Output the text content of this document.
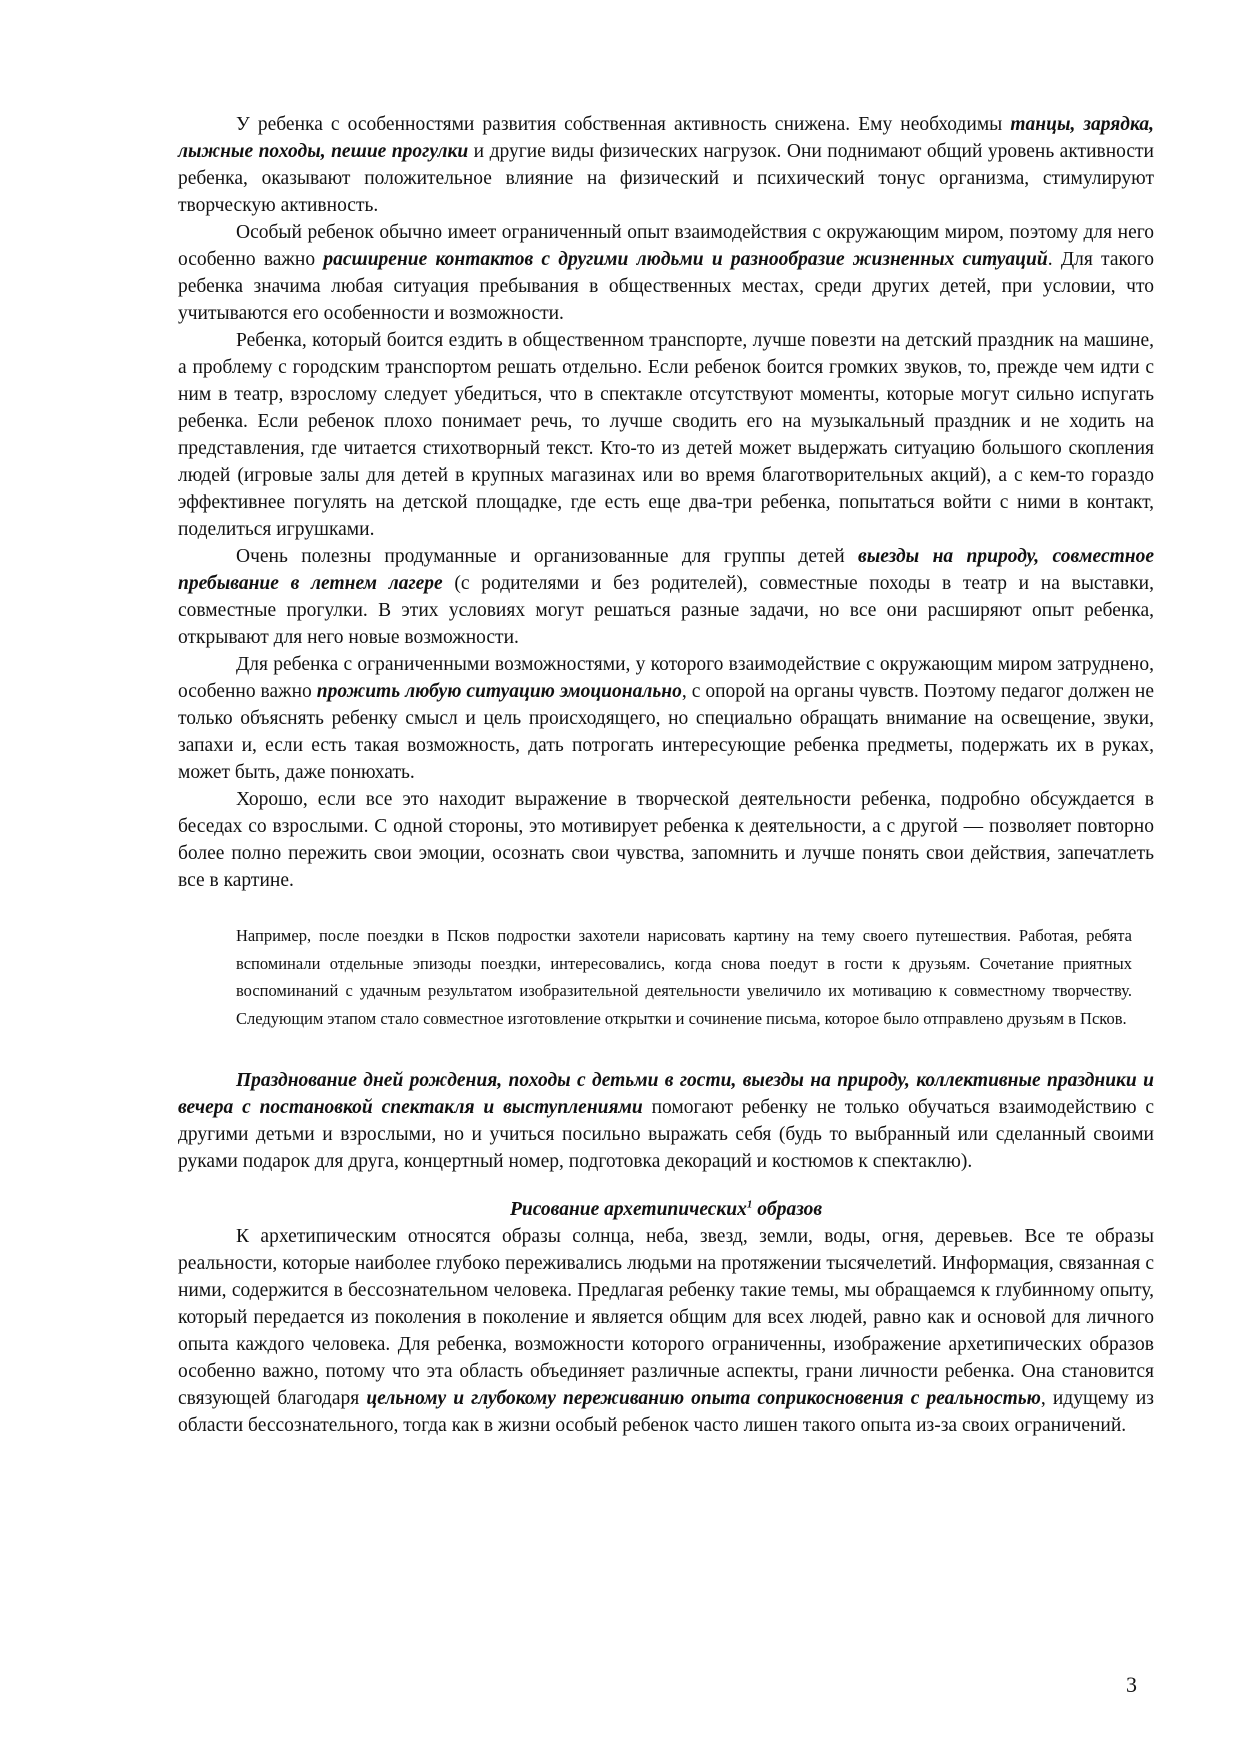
У ребенка с особенностями развития собственная активность снижена. Ему необходимы танцы, зарядка, лыжные походы, пешие прогулки и другие виды физических нагрузок. Они поднимают общий уровень активности ребенка, оказывают положительное влияние на физический и психический тонус организма, стимулируют творческую активность.

Особый ребенок обычно имеет ограниченный опыт взаимодействия с окружающим миром, поэтому для него особенно важно расширение контактов с другими людьми и разнообразие жизненных ситуаций. Для такого ребенка значима любая ситуация пребывания в общественных местах, среди других детей, при условии, что учитываются его особенности и возможности.

Ребенка, который боится ездить в общественном транспорте, лучше повезти на детский праздник на машине, а проблему с городским транспортом решать отдельно. Если ребенок боится громких звуков, то, прежде чем идти с ним в театр, взрослому следует убедиться, что в спектакле отсутствуют моменты, которые могут сильно испугать ребенка. Если ребенок плохо понимает речь, то лучше сводить его на музыкальный праздник и не ходить на представления, где читается стихотворный текст. Кто-то из детей может выдержать ситуацию большого скопления людей (игровые залы для детей в крупных магазинах или во время благотворительных акций), а с кем-то гораздо эффективнее погулять на детской площадке, где есть еще два-три ребенка, попытаться войти с ними в контакт, поделиться игрушками.

Очень полезны продуманные и организованные для группы детей выезды на природу, совместное пребывание в летнем лагере (с родителями и без родителей), совместные походы в театр и на выставки, совместные прогулки. В этих условиях могут решаться разные задачи, но все они расширяют опыт ребенка, открывают для него новые возможности.

Для ребенка с ограниченными возможностями, у которого взаимодействие с окружающим миром затруднено, особенно важно прожить любую ситуацию эмоционально, с опорой на органы чувств. Поэтому педагог должен не только объяснять ребенку смысл и цель происходящего, но специально обращать внимание на освещение, звуки, запахи и, если есть такая возможность, дать потрогать интересующие ребенка предметы, подержать их в руках, может быть, даже понюхать.

Хорошо, если все это находит выражение в творческой деятельности ребенка, подробно обсуждается в беседах со взрослыми. С одной стороны, это мотивирует ребенка к деятельности, а с другой — позволяет повторно более полно пережить свои эмоции, осознать свои чувства, запомнить и лучше понять свои действия, запечатлеть все в картине.

Например, после поездки в Псков подростки захотели нарисовать картину на тему своего путешествия. Работая, ребята вспоминали отдельные эпизоды поездки, интересовались, когда снова поедут в гости к друзьям. Сочетание приятных воспоминаний с удачным результатом изобразительной деятельности увеличило их мотивацию к совместному творчеству. Следующим этапом стало совместное изготовление открытки и сочинение письма, которое было отправлено друзьям в Псков.

Празднование дней рождения, походы с детьми в гости, выезды на природу, коллективные праздники и вечера с постановкой спектакля и выступлениями помогают ребенку не только обучаться взаимодействию с другими детьми и взрослыми, но и учиться посильно выражать себя (будь то выбранный или сделанный своими руками подарок для друга, концертный номер, подготовка декораций и костюмов к спектаклю).

Рисование архетипических$^1$ образов

К архетипическим относятся образы солнца, неба, звезд, земли, воды, огня, деревьев. Все те образы реальности, которые наиболее глубоко переживались людьми на протяжении тысячелетий. Информация, связанная с ними, содержится в бессознательном человека. Предлагая ребенку такие темы, мы обращаемся к глубинному опыту, который передается из поколения в поколение и является общим для всех людей, равно как и основой для личного опыта каждого человека. Для ребенка, возможности которого ограниченны, изображение архетипических образов особенно важно, потому что эта область объединяет различные аспекты, грани личности ребенка. Она становится связующей благодаря цельному и глубокому переживанию опыта соприкосновения с реальностью, идущему из области бессознательного, тогда как в жизни особый ребенок часто лишен такого опыта из-за своих ограничений.

3
